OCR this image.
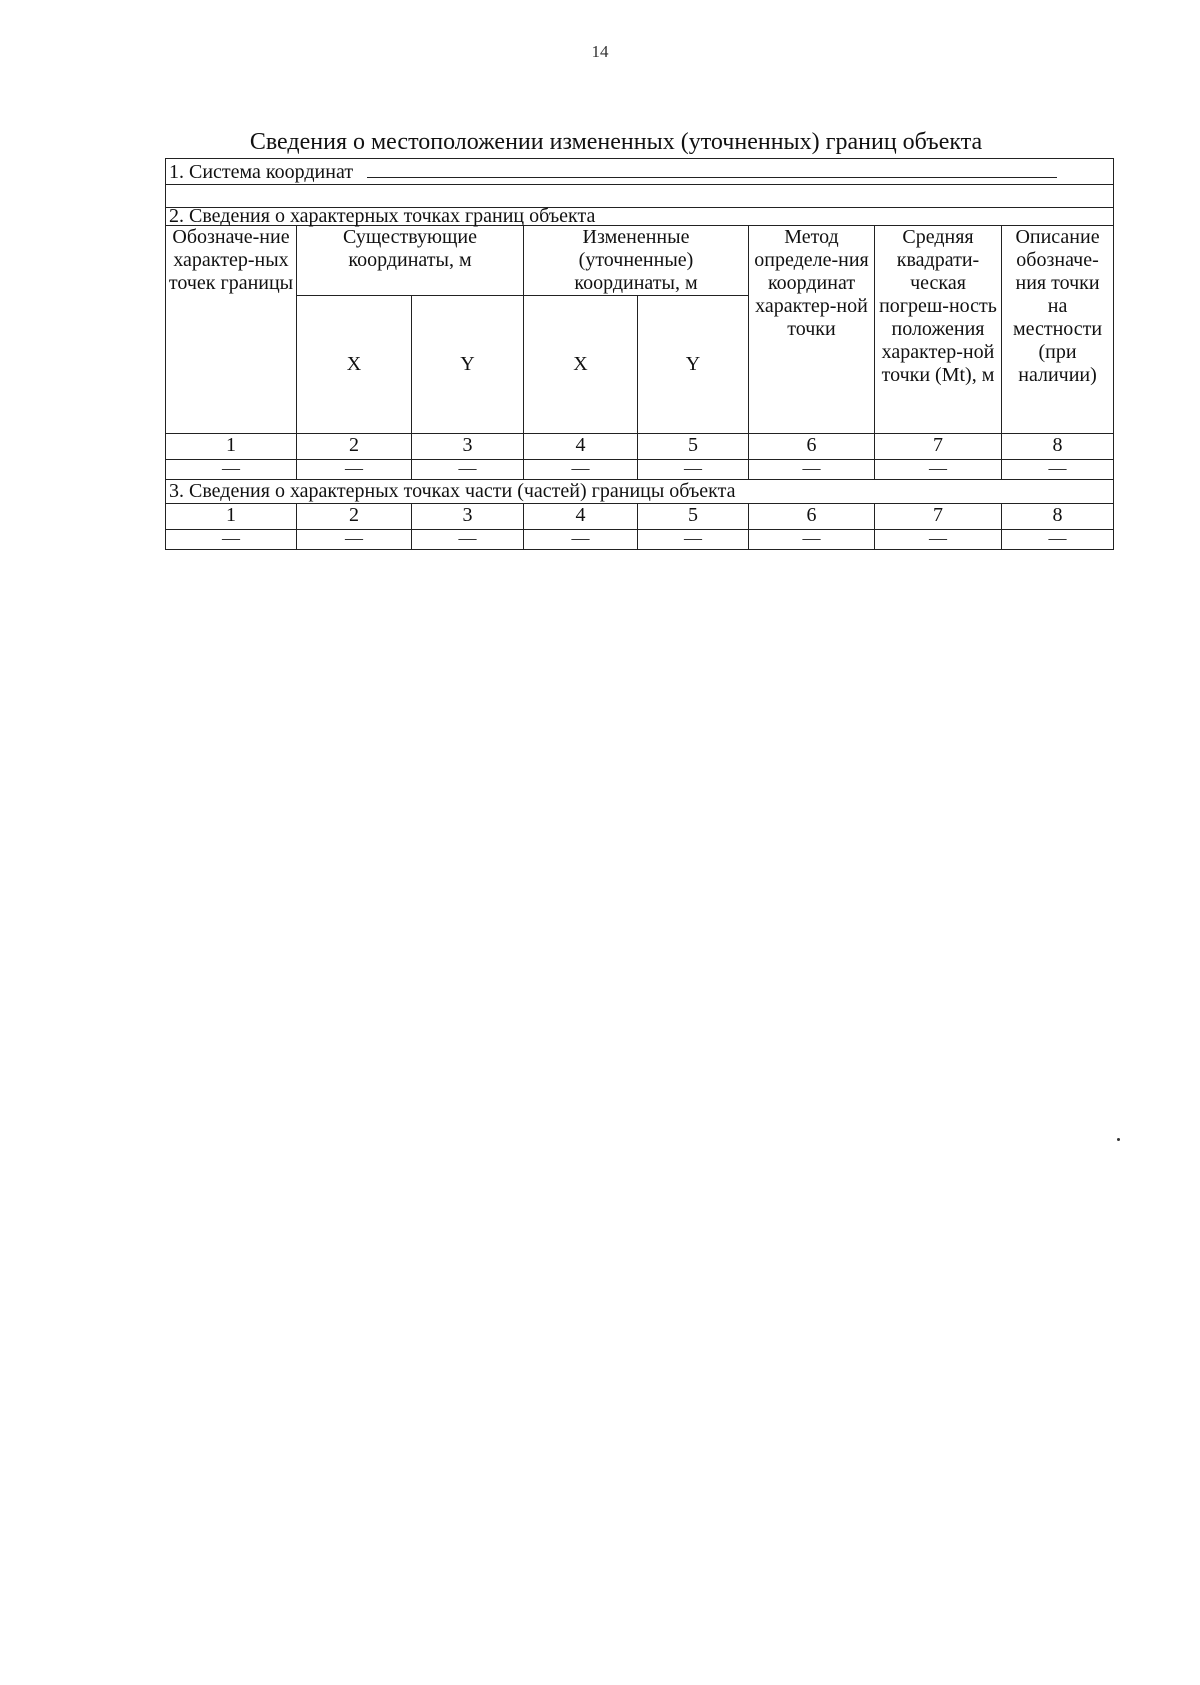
14
Сведения о местоположении измененных (уточненных) границ объекта
1. Система координат							

2. Сведения о характерных точках границ объекта							
Обозначе-ние характер-ных точек границы	Существующие координаты, м		Измененные (уточненные) координаты, м		Метод определе-ния координат характер-ной точки	Средняя квадрати-ческая погреш-ность положения характер-ной точки (Mt), м	Описание обозначе-ния точки на местности (при наличии)
	X	Y	X	Y			
1	2	3	4	5	6	7	8
—	—	—	—	—	—	—	—
3. Сведения о характерных точках части (частей) границы объекта							
1	2	3	4	5	6	7	8
—	—	—	—	—	—	—	—
